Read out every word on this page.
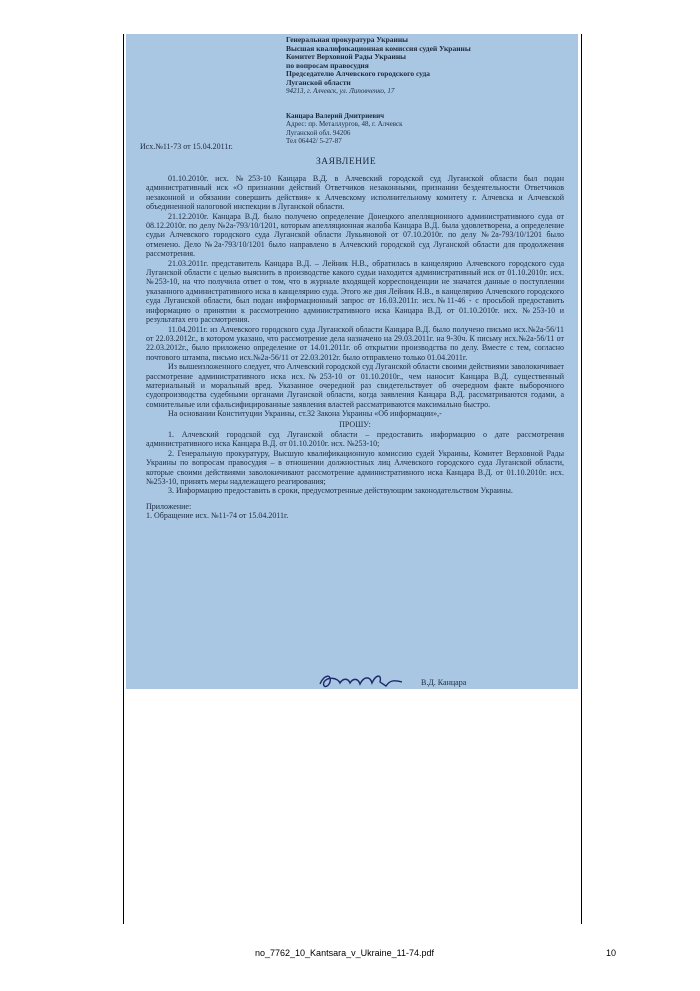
Генеральная прокуратура Украины
Высшая квалификационная комиссия судей Украины
Комитет Верховной Рады Украины
по вопросам правосудия
Председателю Алчевского городского суда
Луганской области
94213, г. Алчевск, ул. Липовченко, 17
Канцара Валерий Дмитриевич
Адрес: пр. Металлургов, 48, г. Алчевск
Луганской обл. 94206
Тел 06442/ 5-27-87
Исх.№11-73 от 15.04.2011г.
ЗАЯВЛЕНИЕ

01.10.2010г. исх. №253-10 Канцара В.Д. в Алчевский городской суд Луганской области был подан административный иск «О признании действий Ответчиков незаконными, признании бездеятельности Ответчиков незаконной и обязании совершить действия» к Алчевскому исполнительному комитету г. Алчевска и Алчевской объединенной налоговой инспекции в Луганской области.

21.12.2010г. Канцара В.Д. было получено определение Донецкого апелляционного административного суда от 08.12.2010г. по делу №2а-793/10/1201, которым апелляционная жалоба Канцара В.Д. была удовлетворена, а определение судьи Алчевского городского суда Луганской области Лукьяновой от 07.10.2010г. по делу №2а-793/10/1201 было отменено. Дело №2а-793/10/1201 было направлено в Алчевский городской суд Луганской области для продолжения рассмотрения.

21.03.2011г. представитель Канцара В.Д. – Лейник Н.В., обратилась в канцелярию Алчевского городского суда Луганской области с целью выяснить в производстве какого судьи находится административный иск от 01.10.2010г. исх.№253-10, на что получила ответ о том, что в журнале входящей корреспонденции не значатся данные о поступлении указанного административного иска в канцелярию суда. Этого же дня Лейник Н.В., в канцелярию Алчевского городского суда Луганской области, был подан информационный запрос от 16.03.2011г. исх.№11-46 - с просьбой предоставить информацию о принятии к рассмотрению административного иска Канцара В.Д. от 01.10.2010г. исх. №253-10 и результатах его рассмотрения.

11.04.2011г. из Алчевского городского суда Луганской области Канцара В.Д. было получено письмо исх.№2а-56/11 от 22.03.2012г., в котором указано, что рассмотрение дела назначено на 29.03.2011г. на 9-30ч. К письму исх.№2а-56/11 от 22.03.2012г., было приложено определение от 14.01.2011г. об открытии производства по делу. Вместе с тем, согласно почтового штампа, письмо исх.№2а-56/11 от 22.03.2012г. было отправлено только 01.04.2011г.

Из вышеизложенного следует, что Алчевский городской суд Луганской области своими действиями заволокичивает рассмотрение административного иска исх.№253-10 от 01.10.2010г., чем наносит Канцара В.Д. существенный материальный и моральный вред. Указанное очередной раз свидетельствует об очередном факте выборочного судопроизводства судебными органами Луганской области, когда заявления Канцара В.Д. рассматриваются годами, а сомнительные или сфальсифицированные заявления властей рассматриваются максимально быстро.

На основании Конституции Украины, ст.32 Закона Украины «Об информации»,-

ПРОШУ:

1. Алчевский городской суд Луганской области – предоставить информацию о дате рассмотрения административного иска Канцара В.Д. от 01.10.2010г. исх. №253-10;

2. Генеральную прокуратуру, Высшую квалификационную комиссию судей Украины, Комитет Верховной Рады Украины по вопросам правосудия – в отношении должностных лиц Алчевского городского суда Луганской области, которые своими действиями заволокичивают рассмотрение административного иска Канцара В.Д. от 01.10.2010г. исх. №253-10, принять меры надлежащего реагирования;

3. Информацию предоставить в сроки, предусмотренные действующим законодательством Украины.

Приложение:
1. Обращение исх. №11-74 от 15.04.2011г.
В.Д. Канцара
no_7762_10_Kantsara_v_Ukraine_11-74.pdf	10
